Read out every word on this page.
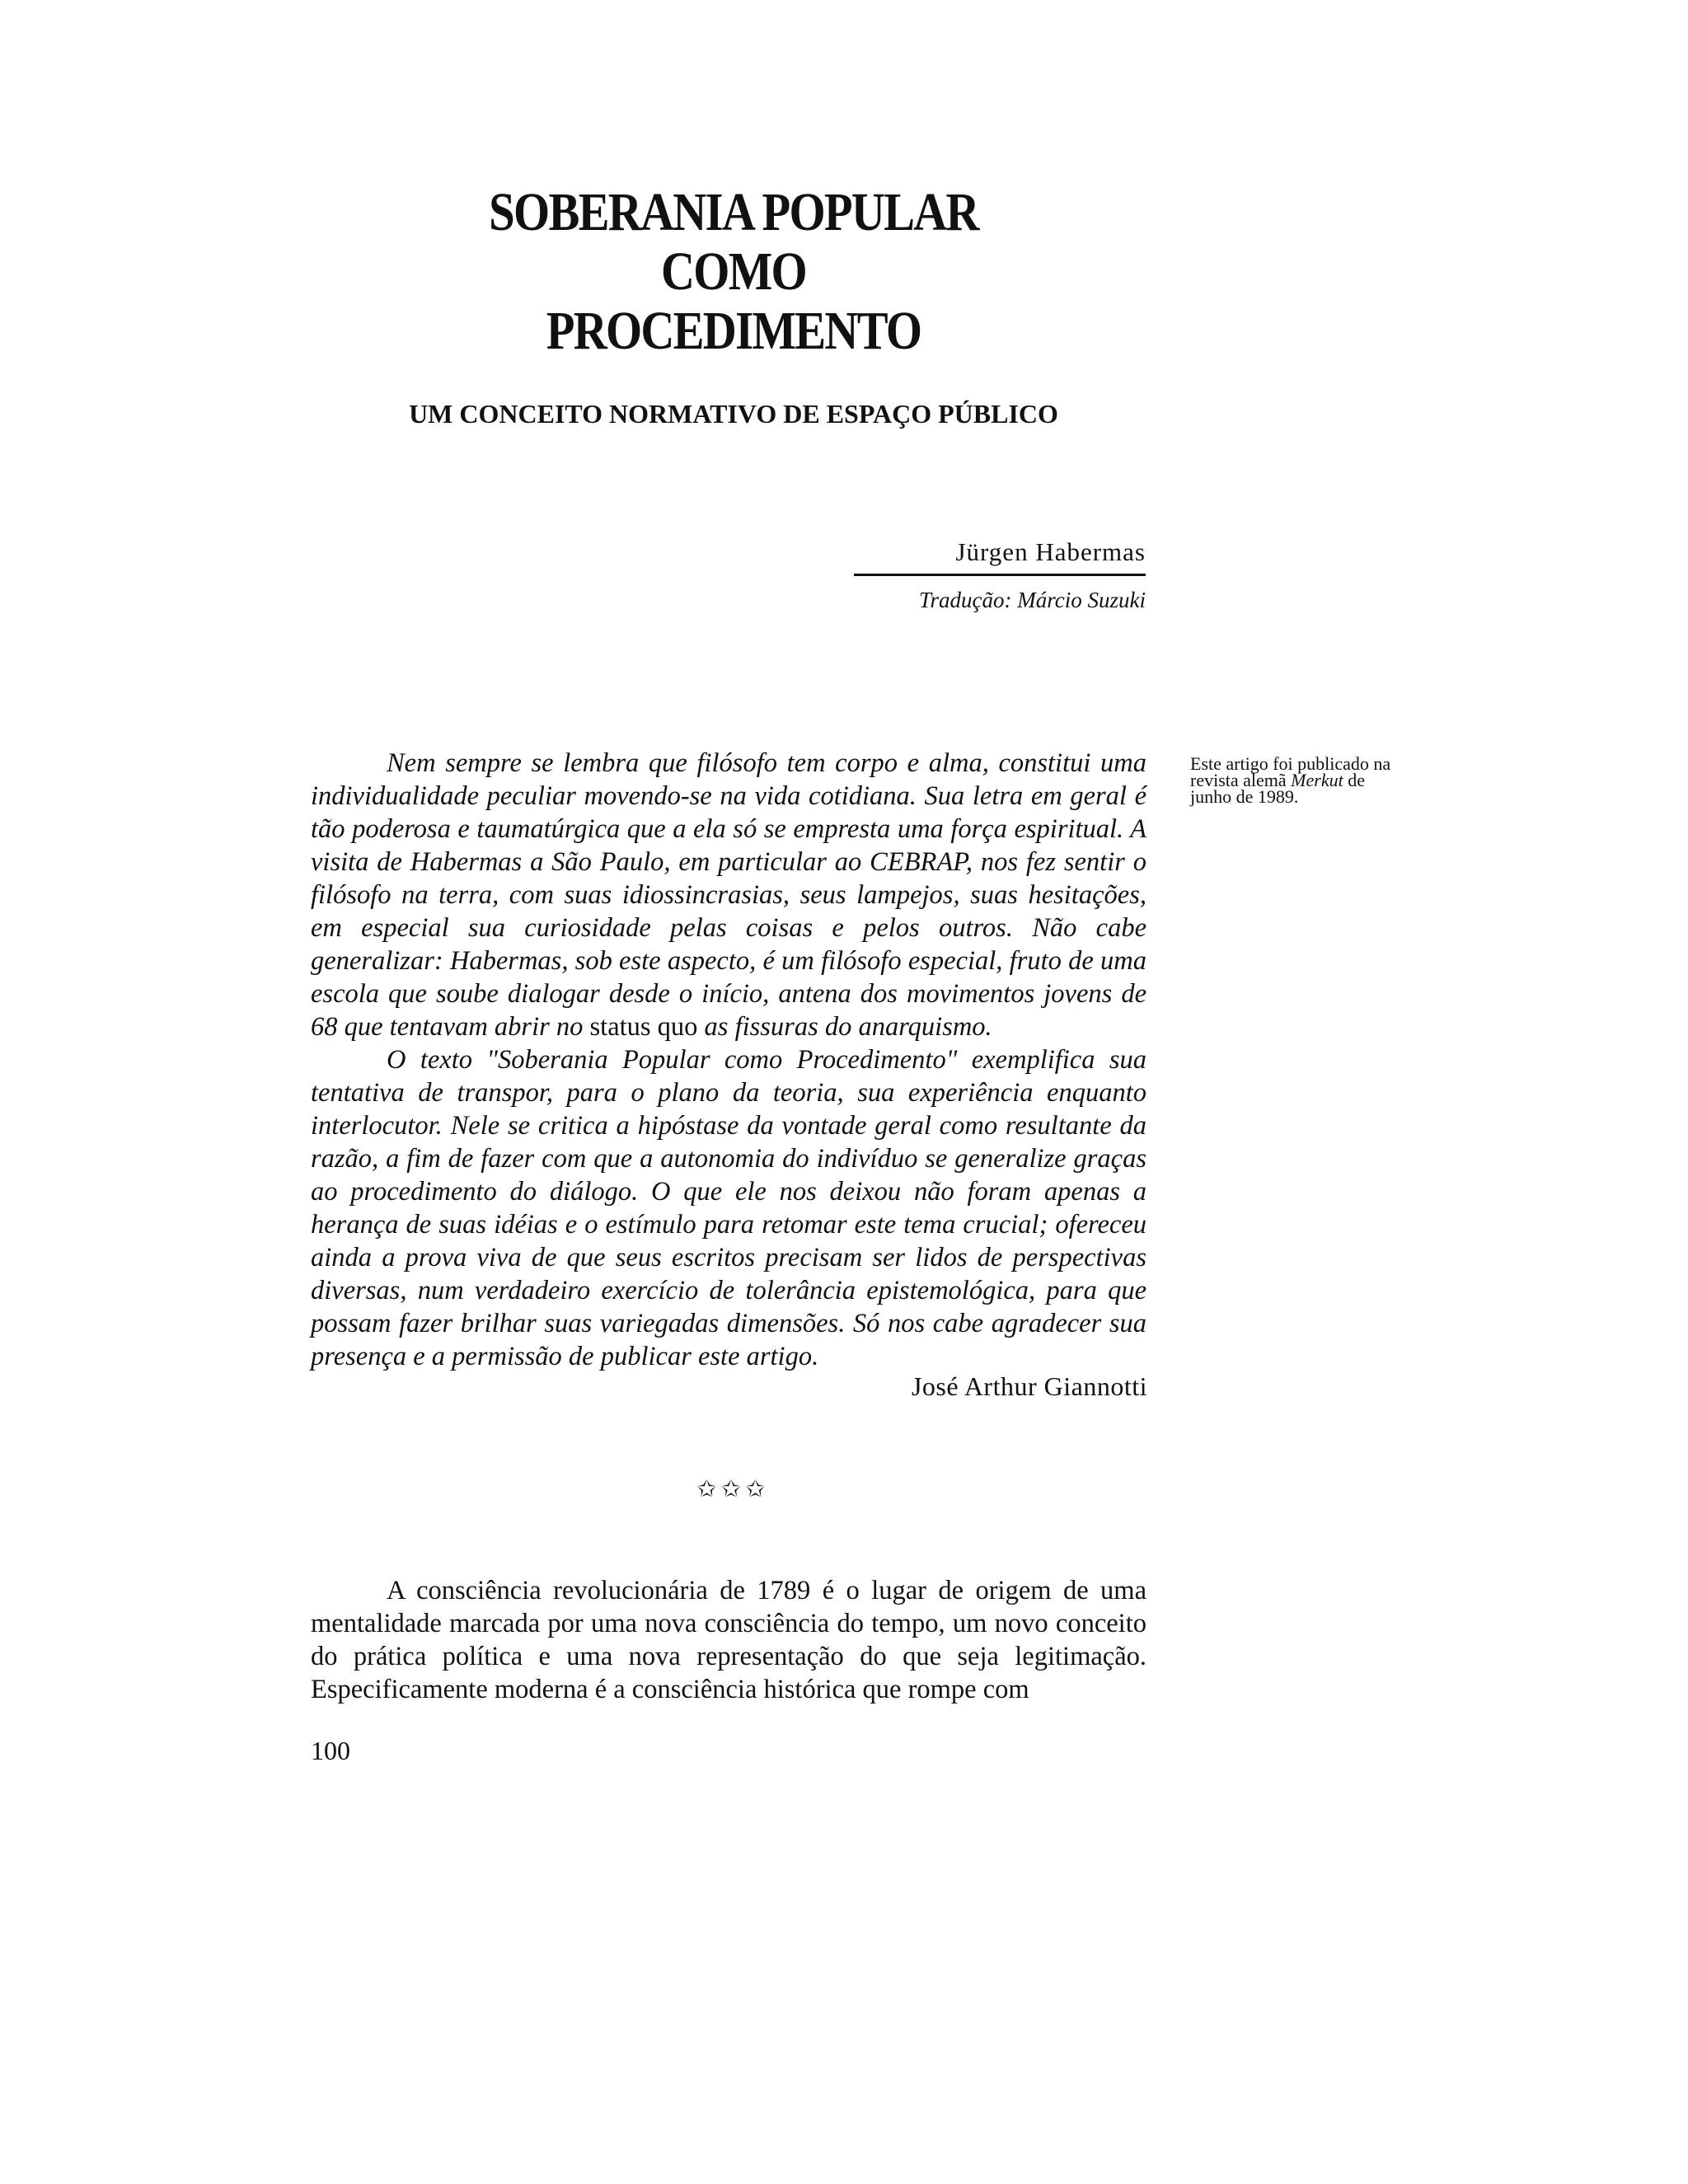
SOBERANIA POPULAR COMO
PROCEDIMENTO
UM CONCEITO NORMATIVO DE ESPAÇO PÚBLICO
Jürgen Habermas
Tradução: Márcio Suzuki

Este artigo foi publicado na revista alemã Merkut de junho de 1989.

Nem sempre se lembra que filósofo tem corpo e alma, constitui uma individualidade peculiar movendo-se na vida cotidiana. Sua letra em geral é tão poderosa e taumatúrgica que a ela só se empresta uma força espiritual. A visita de Habermas a São Paulo, em particular ao CEBRAP, nos fez sentir o filósofo na terra, com suas idiossincrasias, seus lampejos, suas hesitações, em especial sua curiosidade pelas coisas e pelos outros. Não cabe generalizar: Habermas, sob este aspecto, é um filósofo especial, fruto de uma escola que soube dialogar desde o início, antena dos movimentos jovens de 68 que tentavam abrir no status quo as fissuras do anarquismo.

O texto "Soberania Popular como Procedimento" exemplifica sua tentativa de transpor, para o plano da teoria, sua experiência enquanto interlocutor. Nele se critica a hipóstase da vontade geral como resultante da razão, a fim de fazer com que a autonomia do indivíduo se generalize graças ao procedimento do diálogo. O que ele nos deixou não foram apenas a herança de suas idéias e o estímulo para retomar este tema crucial; ofereceu ainda a prova viva de que seus escritos precisam ser lidos de perspectivas diversas, num verdadeiro exercício de tolerância epistemológica, para que possam fazer brilhar suas variegadas dimensões. Só nos cabe agradecer sua presença e a permissão de publicar este artigo.

José Arthur Giannotti

✩✩✩

A consciência revolucionária de 1789 é o lugar de origem de uma mentalidade marcada por uma nova consciência do tempo, um novo conceito do prática política e uma nova representação do que seja legitimação. Especificamente moderna é a consciência histórica que rompe com

100
